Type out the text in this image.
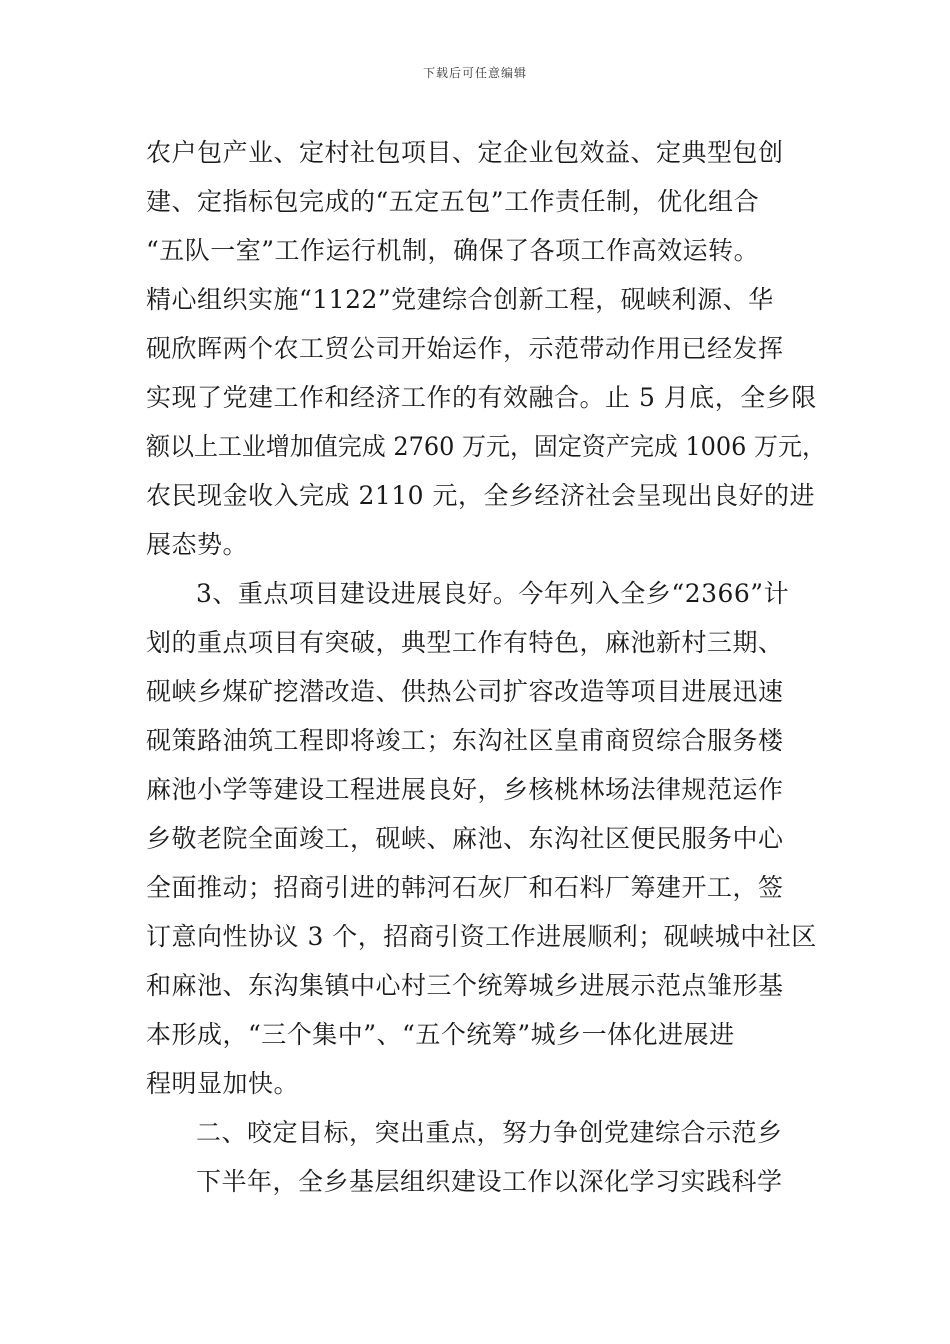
下载后可任意编辑
农户包产业、定村社包项目、定企业包效益、定典型包创
建、定指标包完成的“五定五包”工作责任制，优化组合
“五队一室”工作运行机制，确保了各项工作高效运转。
精心组织实施“1122”党建综合创新工程，砚峡利源、华
砚欣晖两个农工贸公司开始运作，示范带动作用已经发挥
实现了党建工作和经济工作的有效融合。止 5 月底，全乡限
额以上工业增加值完成 2760 万元，固定资产完成 1006 万元，
农民现金收入完成 2110 元，全乡经济社会呈现出良好的进
展态势。
3、重点项目建设进展良好。今年列入全乡“2366”计
划的重点项目有突破，典型工作有特色，麻池新村三期、
砚峡乡煤矿挖潜改造、供热公司扩容改造等项目进展迅速
砚策路油筑工程即将竣工；东沟社区皇甫商贸综合服务楼
麻池小学等建设工程进展良好，乡核桃林场法律规范运作
乡敬老院全面竣工，砚峡、麻池、东沟社区便民服务中心
全面推动；招商引进的韩河石灰厂和石料厂筹建开工，签
订意向性协议 3 个，招商引资工作进展顺利；砚峡城中社区
和麻池、东沟集镇中心村三个统筹城乡进展示范点雏形基
本形成，“三个集中”、“五个统筹”城乡一体化进展进
程明显加快。
二、咬定目标，突出重点，努力争创党建综合示范乡
下半年，全乡基层组织建设工作以深化学习实践科学
